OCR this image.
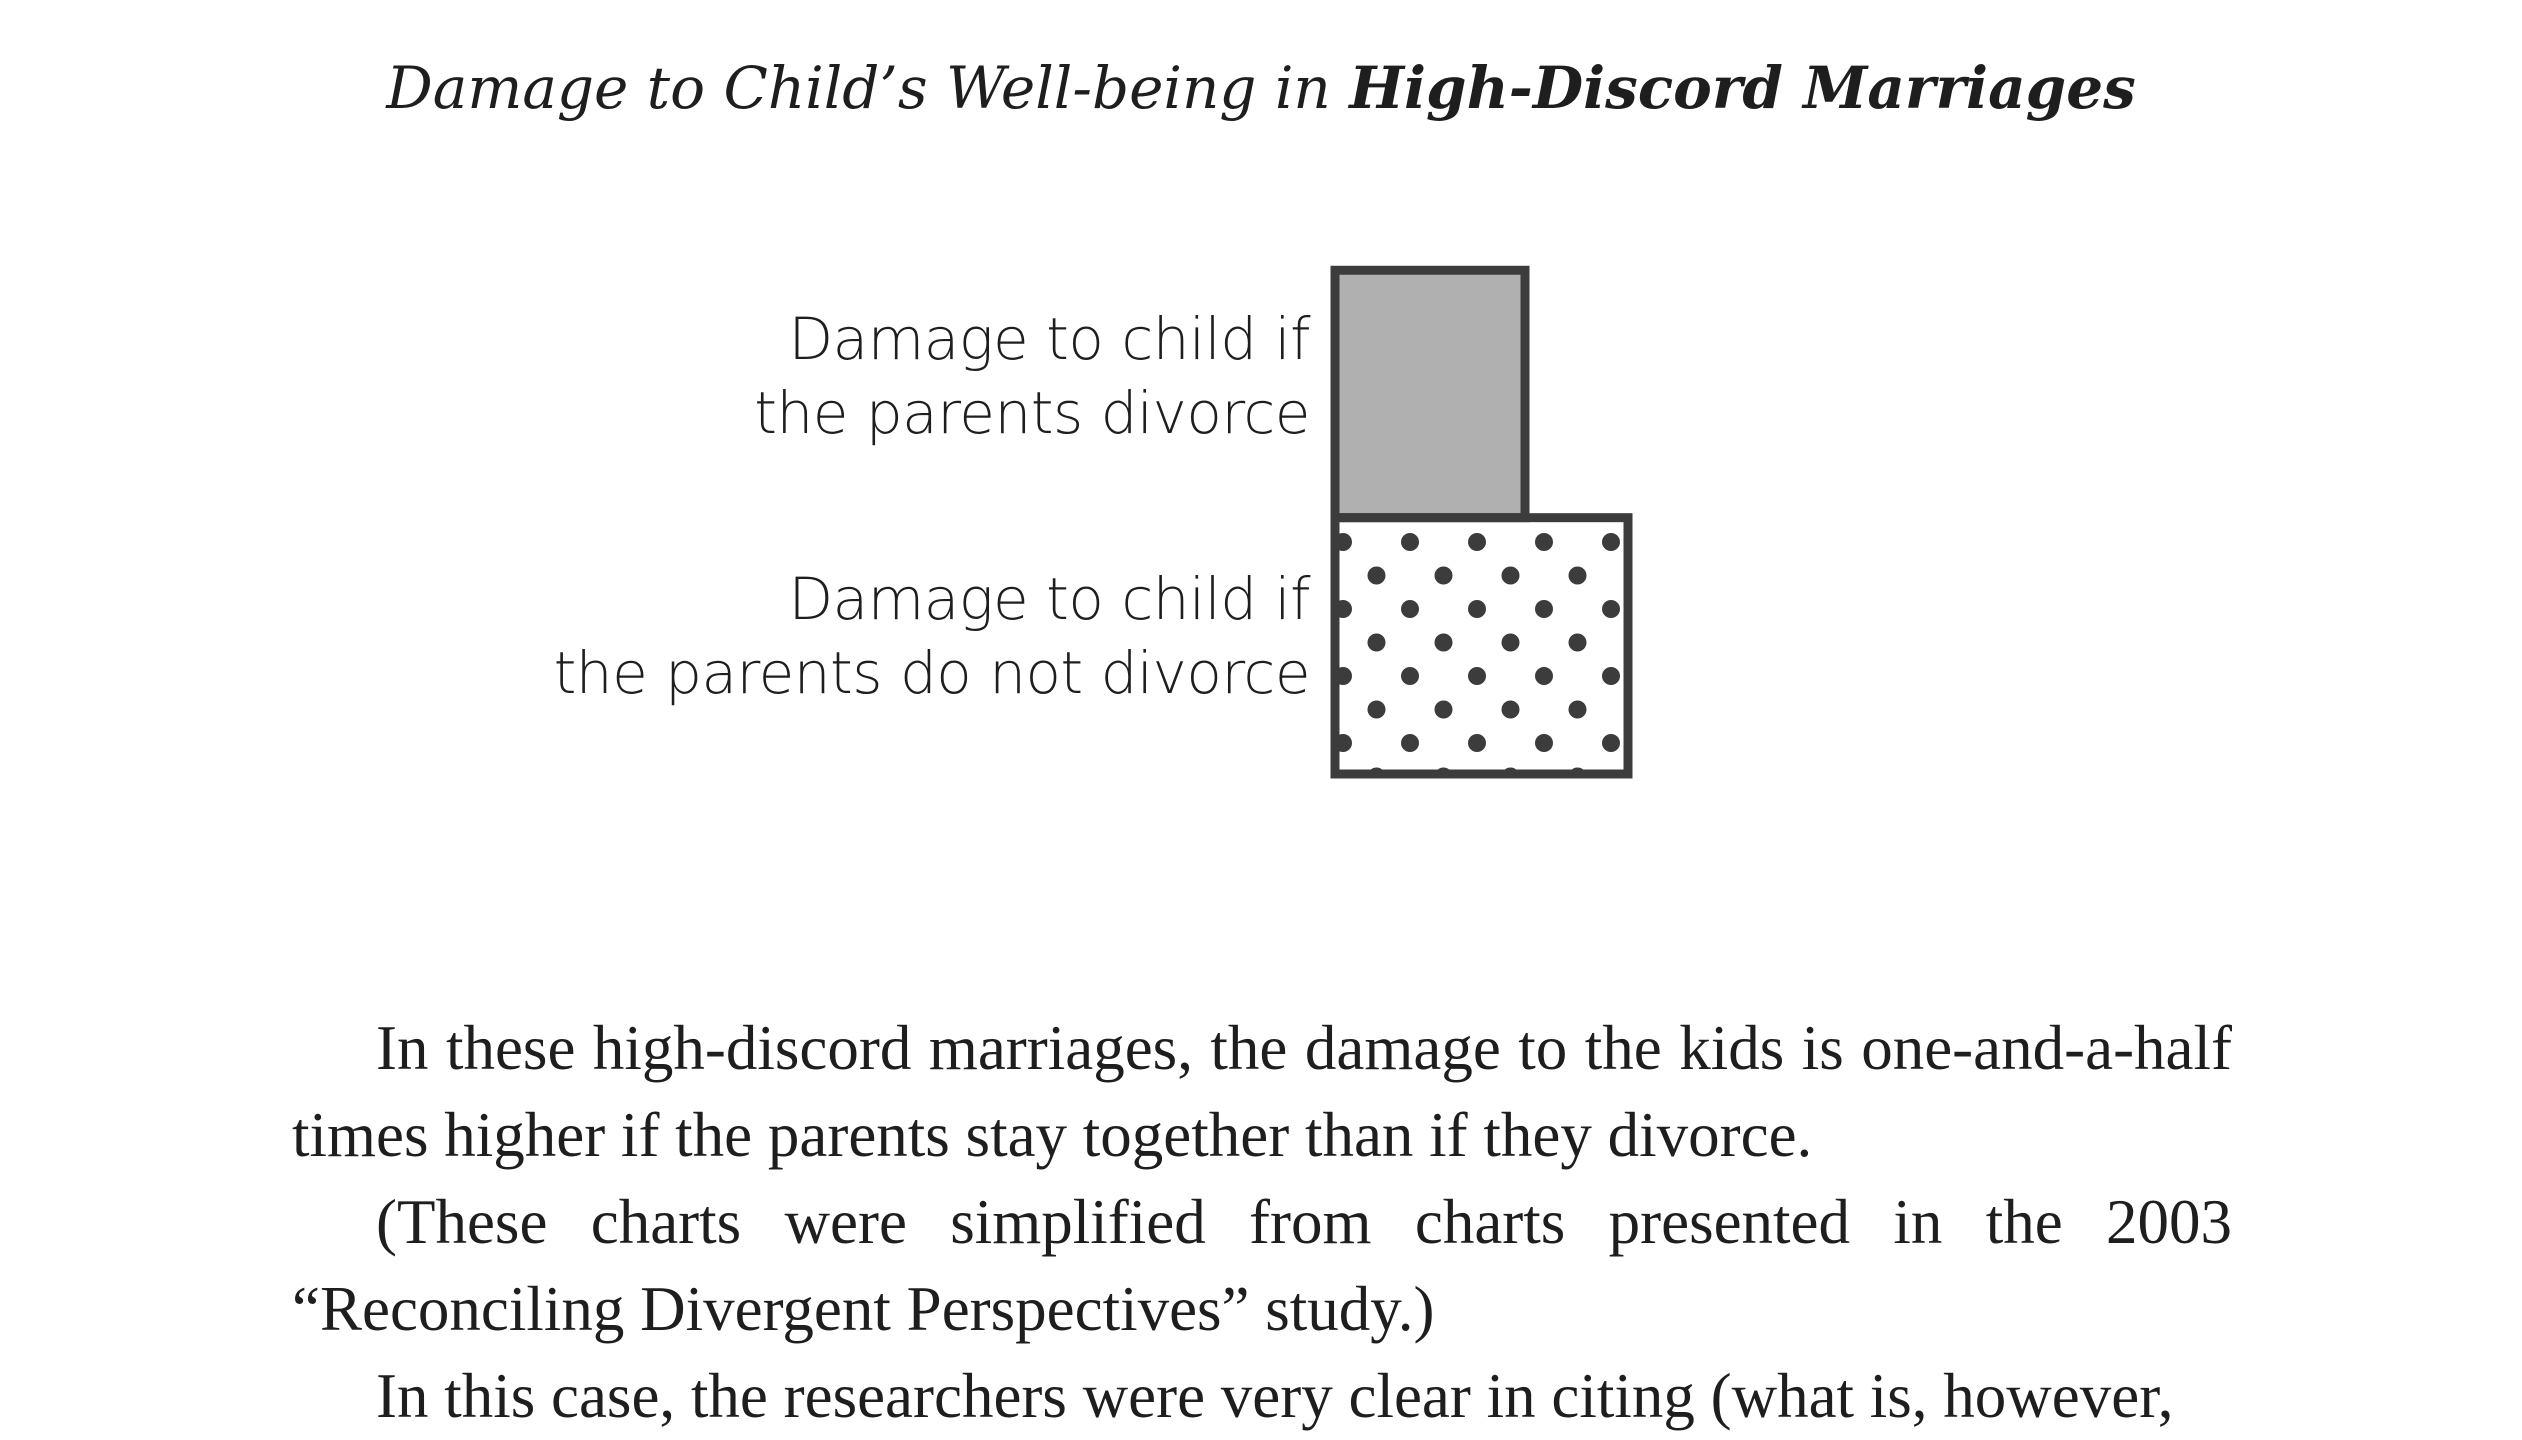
Damage to Child’s Well-being in High-Discord Marriages
Damage to child if
the parents divorce
Damage to child if
the parents do not divorce

In these high-discord marriages, the damage to the kids is one-and-a-half times higher if the parents stay together than if they divorce.

(These charts were simplified from charts presented in the 2003 “Reconciling Divergent Perspectives” study.)

In this case, the researchers were very clear in citing (what is, however,
